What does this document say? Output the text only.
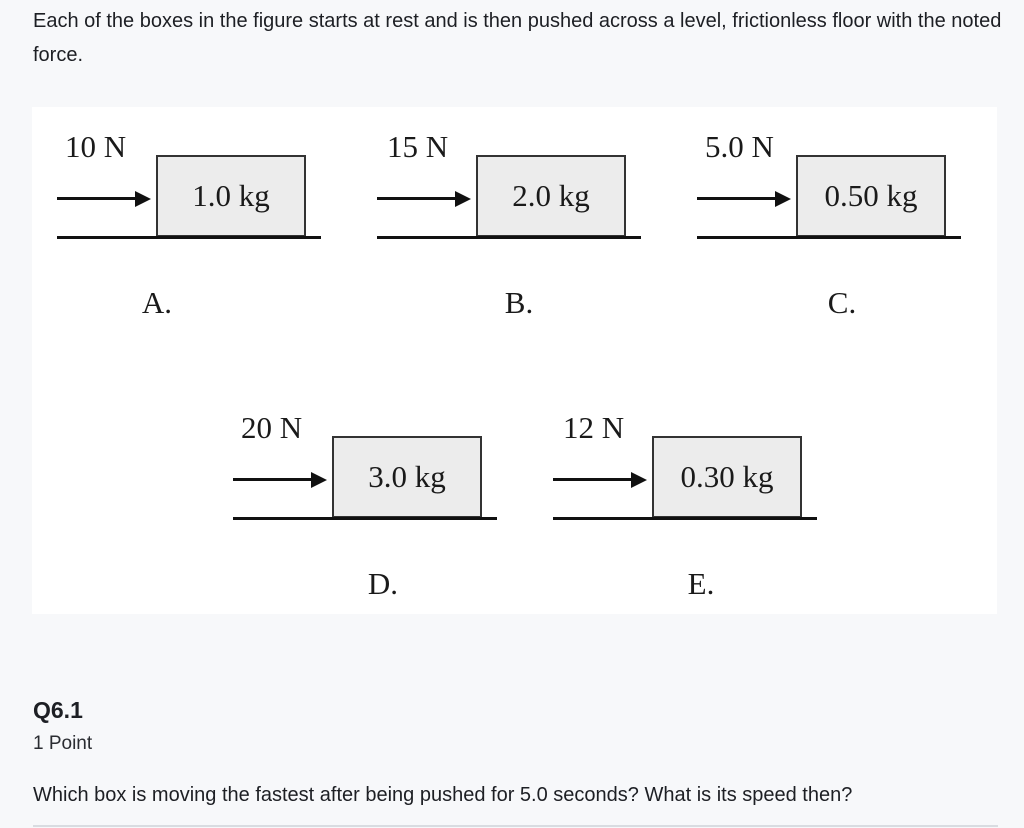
Each of the boxes in the figure starts at rest and is then pushed across a level, frictionless floor with the noted force.

10 N
1.0 kg
A.
15 N
2.0 kg
B.
5.0 N
0.50 kg
C.
20 N
3.0 kg
D.
12 N
0.30 kg
E.
Q6.1
1 Point
Which box is moving the fastest after being pushed for 5.0 seconds? What is its speed then?
